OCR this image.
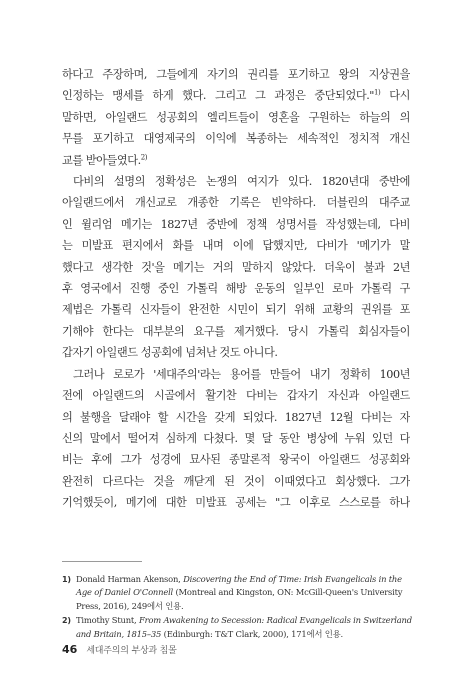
하다고 주장하며, 그들에게 자기의 권리를 포기하고 왕의 지상권을
인정하는 맹세를 하게 했다. 그리고 그 과정은 중단되었다."$^{1)}$ 다시
말하면, 아일랜드 성공회의 엘리트들이 영혼을 구원하는 하늘의 의
무를 포기하고 대영제국의 이익에 복종하는 세속적인 정치적 개신
교를 받아들였다.$^{2)}$

다비의 설명의 정확성은 논쟁의 여지가 있다. 1820년대 중반에
아일랜드에서 개신교로 개종한 기록은 빈약하다. 더블린의 대주교
인 윌리엄 메기는 1827년 중반에 정책 성명서를 작성했는데, 다비
는 미발표 편지에서 화를 내며 이에 답했지만, 다비가 '메기가 말
했다고 생각한 것'을 메기는 거의 말하지 않았다. 더욱이 불과 2년
후 영국에서 진행 중인 가톨릭 해방 운동의 일부인 로마 가톨릭 구
제법은 가톨릭 신자들이 완전한 시민이 되기 위해 교황의 권위를 포
기해야 한다는 대부분의 요구를 제거했다. 당시 가톨릭 회심자들이
갑자기 아일랜드 성공회에 넘쳐난 것도 아니다.

그러나 로로가 '세대주의'라는 용어를 만들어 내기 정확히 100년
전에 아일랜드의 시골에서 활기찬 다비는 갑자기 자신과 아일랜드
의 불행을 달래야 할 시간을 갖게 되었다. 1827년 12월 다비는 자
신의 말에서 떨어져 심하게 다쳤다. 몇 달 동안 병상에 누워 있던 다
비는 후에 그가 성경에 묘사된 종말론적 왕국이 아일랜드 성공회와
완전히 다르다는 것을 깨닫게 된 것이 이때였다고 회상했다. 그가
기억했듯이, 메기에 대한 미발표 공세는 "그 이후로 스스로를 하나

1) Donald Harman Akenson, Discovering the End of Time: Irish Evangelicals in the Age of Daniel O'Connell (Montreal and Kingston, ON: McGill-Queen's University Press, 2016), 249에서 인용.
2) Timothy Stunt, From Awakening to Secession: Radical Evangelicals in Switzerland and Britain, 1815–35 (Edinburgh: T&T Clark, 2000), 171에서 인용.
46 세대주의의 부상과 침몰
